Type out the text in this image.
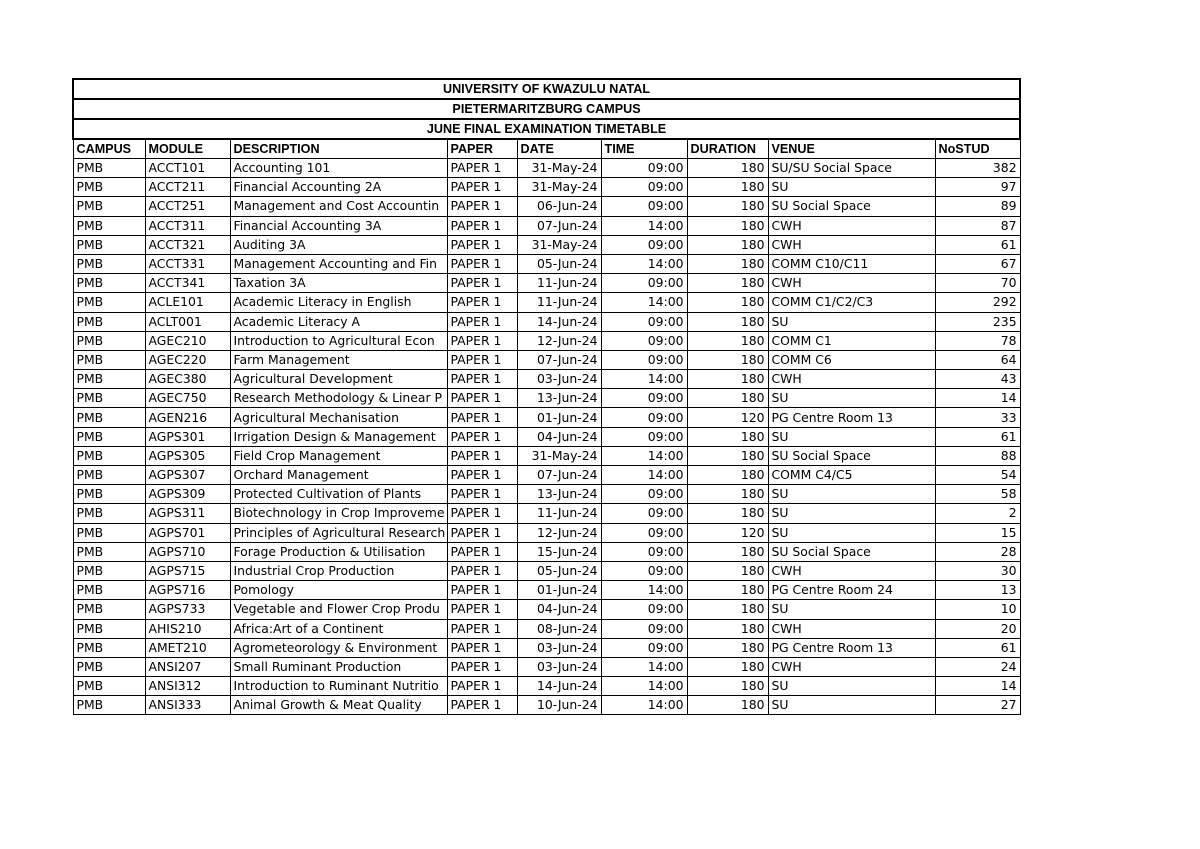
UNIVERSITY OF KWAZULU NATAL								
PIETERMARITZBURG CAMPUS								
JUNE FINAL EXAMINATION TIMETABLE								
CAMPUS	MODULE	DESCRIPTION	PAPER	DATE	TIME	DURATION	VENUE	NoSTUD
PMB	ACCT101	Accounting 101	PAPER 1	31-May-24	09:00	180	SU/SU Social Space	382
PMB	ACCT211	Financial Accounting 2A	PAPER 1	31-May-24	09:00	180	SU	97
PMB	ACCT251	Management and Cost Accountin	PAPER 1	06-Jun-24	09:00	180	SU Social Space	89
PMB	ACCT311	Financial Accounting 3A	PAPER 1	07-Jun-24	14:00	180	CWH	87
PMB	ACCT321	Auditing 3A	PAPER 1	31-May-24	09:00	180	CWH	61
PMB	ACCT331	Management Accounting and Fin	PAPER 1	05-Jun-24	14:00	180	COMM C10/C11	67
PMB	ACCT341	Taxation 3A	PAPER 1	11-Jun-24	09:00	180	CWH	70
PMB	ACLE101	Academic Literacy in English	PAPER 1	11-Jun-24	14:00	180	COMM C1/C2/C3	292
PMB	ACLT001	Academic Literacy A	PAPER 1	14-Jun-24	09:00	180	SU	235
PMB	AGEC210	Introduction to Agricultural Econ	PAPER 1	12-Jun-24	09:00	180	COMM C1	78
PMB	AGEC220	Farm Management	PAPER 1	07-Jun-24	09:00	180	COMM C6	64
PMB	AGEC380	Agricultural Development	PAPER 1	03-Jun-24	14:00	180	CWH	43
PMB	AGEC750	Research Methodology & Linear P	PAPER 1	13-Jun-24	09:00	180	SU	14
PMB	AGEN216	Agricultural Mechanisation	PAPER 1	01-Jun-24	09:00	120	PG Centre Room 13	33
PMB	AGPS301	Irrigation Design & Management	PAPER 1	04-Jun-24	09:00	180	SU	61
PMB	AGPS305	Field Crop Management	PAPER 1	31-May-24	14:00	180	SU Social Space	88
PMB	AGPS307	Orchard Management	PAPER 1	07-Jun-24	14:00	180	COMM C4/C5	54
PMB	AGPS309	Protected Cultivation of Plants	PAPER 1	13-Jun-24	09:00	180	SU	58
PMB	AGPS311	Biotechnology in Crop Improveme	PAPER 1	11-Jun-24	09:00	180	SU	2
PMB	AGPS701	Principles of Agricultural Research	PAPER 1	12-Jun-24	09:00	120	SU	15
PMB	AGPS710	Forage Production & Utilisation	PAPER 1	15-Jun-24	09:00	180	SU Social Space	28
PMB	AGPS715	Industrial Crop Production	PAPER 1	05-Jun-24	09:00	180	CWH	30
PMB	AGPS716	Pomology	PAPER 1	01-Jun-24	14:00	180	PG Centre Room 24	13
PMB	AGPS733	Vegetable and Flower Crop Produ	PAPER 1	04-Jun-24	09:00	180	SU	10
PMB	AHIS210	Africa:Art of a Continent	PAPER 1	08-Jun-24	09:00	180	CWH	20
PMB	AMET210	Agrometeorology & Environment	PAPER 1	03-Jun-24	09:00	180	PG Centre Room 13	61
PMB	ANSI207	Small Ruminant Production	PAPER 1	03-Jun-24	14:00	180	CWH	24
PMB	ANSI312	Introduction to Ruminant Nutritio	PAPER 1	14-Jun-24	14:00	180	SU	14
PMB	ANSI333	Animal Growth & Meat Quality	PAPER 1	10-Jun-24	14:00	180	SU	27
